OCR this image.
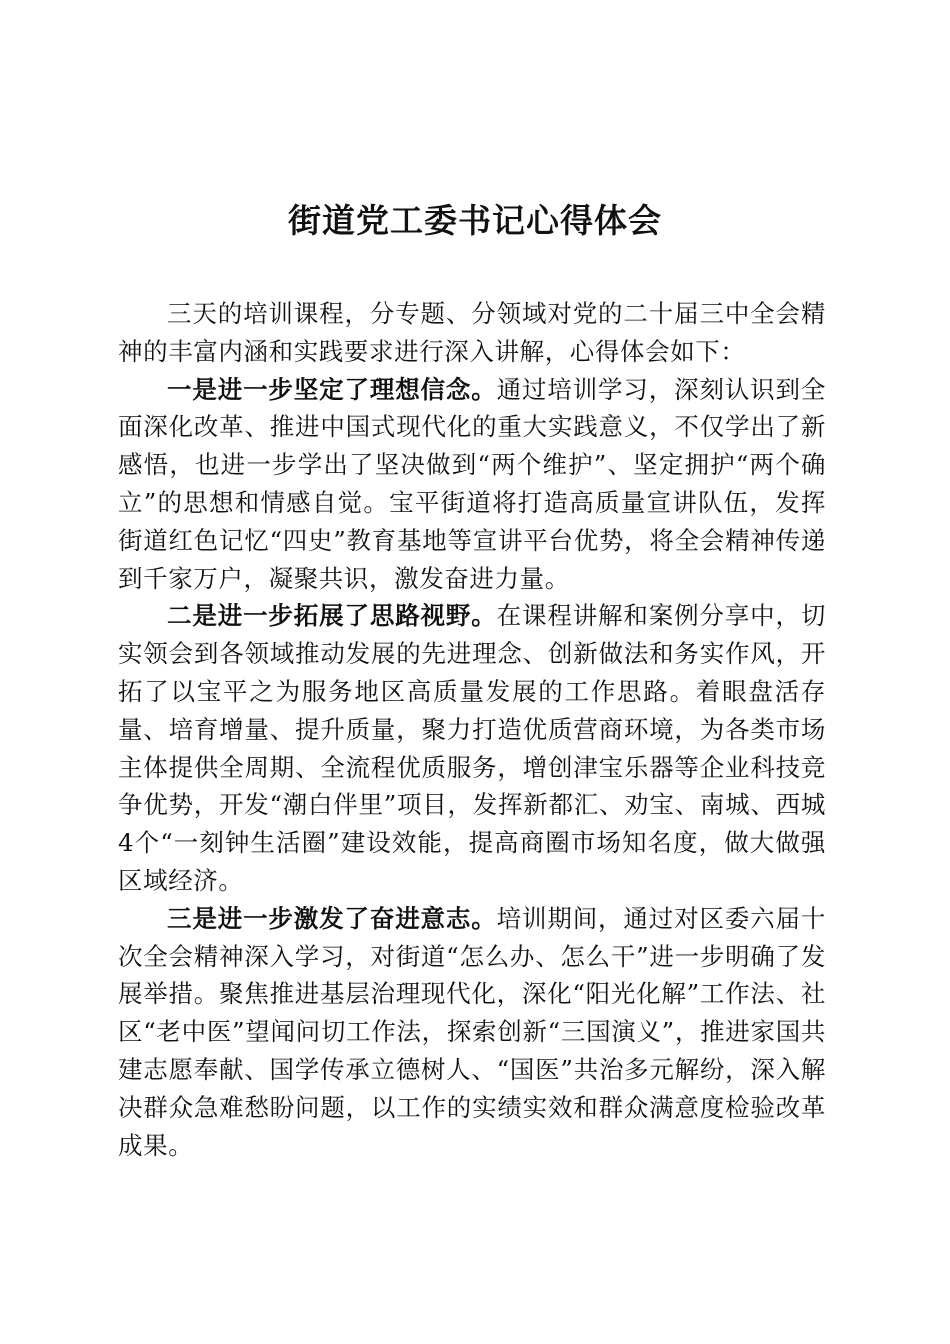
街道党工委书记心得体会

三天的培训课程，分专题、分领域对党的二十届三中全会精神的丰富内涵和实践要求进行深入讲解，心得体会如下：

一是进一步坚定了理想信念。通过培训学习，深刻认识到全面深化改革、推进中国式现代化的重大实践意义，不仅学出了新感悟，也进一步学出了坚决做到“两个维护”、坚定拥护“两个确立”的思想和情感自觉。宝平街道将打造高质量宣讲队伍，发挥街道红色记忆“四史”教育基地等宣讲平台优势，将全会精神传递到千家万户，凝聚共识，激发奋进力量。

二是进一步拓展了思路视野。在课程讲解和案例分享中，切实领会到各领域推动发展的先进理念、创新做法和务实作风，开拓了以宝平之为服务地区高质量发展的工作思路。着眼盘活存量、培育增量、提升质量，聚力打造优质营商环境，为各类市场主体提供全周期、全流程优质服务，增创津宝乐器等企业科技竞争优势，开发“潮白伴里”项目，发挥新都汇、劝宝、南城、西城4个“一刻钟生活圈”建设效能，提高商圈市场知名度，做大做强区域经济。

三是进一步激发了奋进意志。培训期间，通过对区委六届十次全会精神深入学习，对街道“怎么办、怎么干”进一步明确了发展举措。聚焦推进基层治理现代化，深化“阳光化解”工作法、社区“老中医”望闻问切工作法，探索创新“三国演义”，推进家国共建志愿奉献、国学传承立德树人、“国医”共治多元解纷，深入解决群众急难愁盼问题，以工作的实绩实效和群众满意度检验改革成果。
